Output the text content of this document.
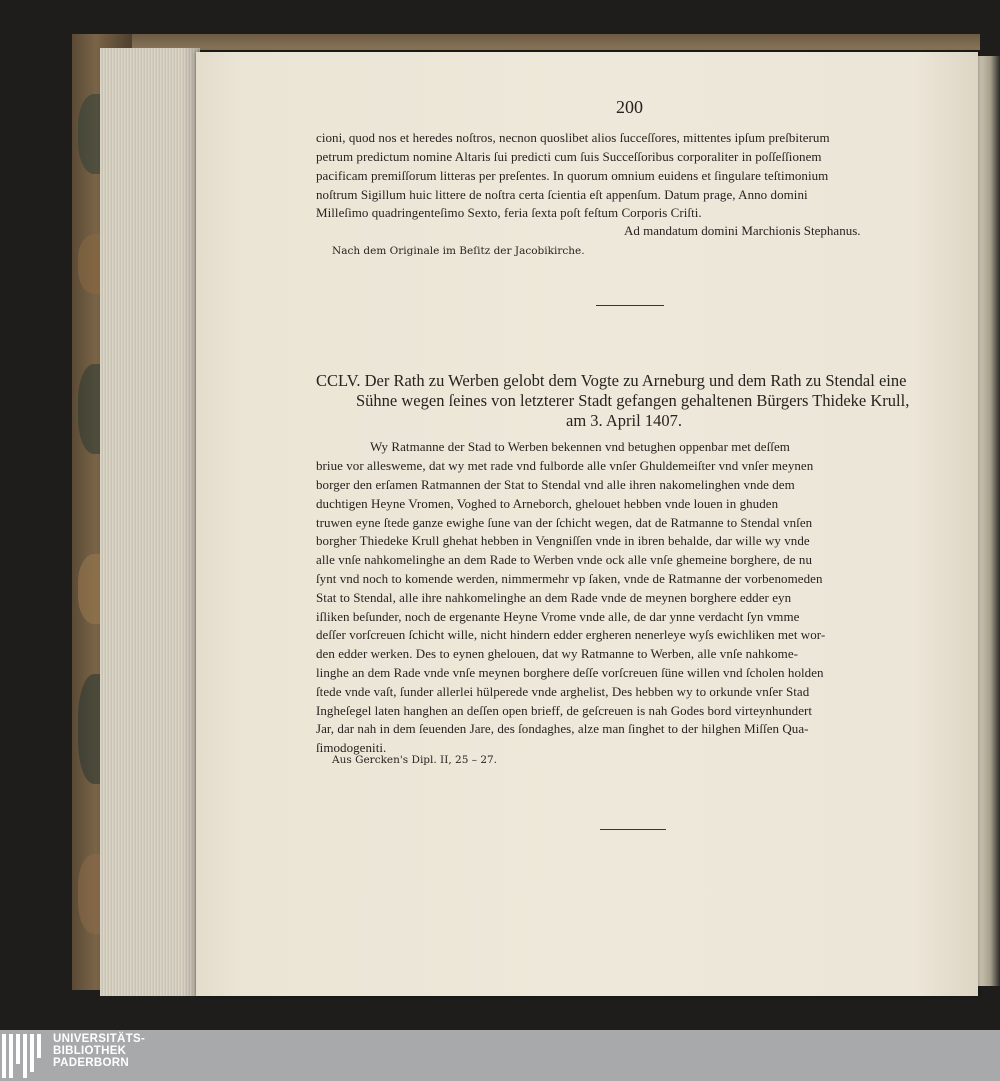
200
cioni, quod nos et heredes noſtros, necnon quoslibet alios ſucceſſores, mittentes ipſum preſbiterum
petrum predictum nomine Altaris ſui predicti cum ſuis Succeſſoribus corporaliter in poſſeſſionem
pacificam premiſſorum litteras per preſentes. In quorum omnium euidens et ſingulare teſtimonium
noſtrum Sigillum huic littere de noſtra certa ſcientia eſt appenſum. Datum prage, Anno domini
Milleſimo quadringenteſimo Sexto, feria ſexta poſt feſtum Corporis Criſti.
Ad mandatum domini Marchionis Stephanus.
Nach dem Originale im Beſitz der Jacobikirche.
CCLV. Der Rath zu Werben gelobt dem Vogte zu Arneburg und dem Rath zu Stendal eine
Sühne wegen ſeines von letzterer Stadt gefangen gehaltenen Bürgers Thideke Krull,
am 3. April 1407.
Wy Ratmanne der Stad to Werben bekennen vnd betughen oppenbar met deſſem
briue vor allesweme, dat wy met rade vnd fulborde alle vnſer Ghuldemeiſter vnd vnſer meynen
borger den erſamen Ratmannen der Stat to Stendal vnd alle ihren nakomelinghen vnde dem
duchtigen Heyne Vromen, Voghed to Arneborch, ghelouet hebben vnde louen in ghuden
truwen eyne ſtede ganze ewighe ſune van der ſchicht wegen, dat de Ratmanne to Stendal vnſen
borgher Thiedeke Krull ghehat hebben in Vengniſſen vnde in ibren behalde, dar wille wy vnde
alle vnſe nahkomelinghe an dem Rade to Werben vnde ock alle vnſe ghemeine borghere, de nu
ſynt vnd noch to komende werden, nimmermehr vp ſaken, vnde de Ratmanne der vorbenomeden
Stat to Stendal, alle ihre nahkomelinghe an dem Rade vnde de meynen borghere edder eyn
iſliken beſunder, noch de ergenante Heyne Vrome vnde alle, de dar ynne verdacht ſyn vmme
deſſer vorſcreuen ſchicht wille, nicht hindern edder ergheren nenerleye wyſs ewichliken met wor-
den edder werken. Des to eynen ghelouen, dat wy Ratmanne to Werben, alle vnſe nahkome-
linghe an dem Rade vnde vnſe meynen borghere deſſe vorſcreuen ſüne willen vnd ſcholen holden
ſtede vnde vaſt, ſunder allerlei hülperede vnde arghelist, Des hebben wy to orkunde vnſer Stad
Ingheſegel laten hanghen an deſſen open brieff, de geſcreuen is nah Godes bord virteynhundert
Jar, dar nah in dem ſeuenden Jare, des ſondaghes, alze man ſinghet to der hilghen Miſſen Qua-
ſimodogeniti.
Aus Gercken's Dipl. II, 25 – 27.
UNIVERSITÄTS-
BIBLIOTHEK
PADERBORN
